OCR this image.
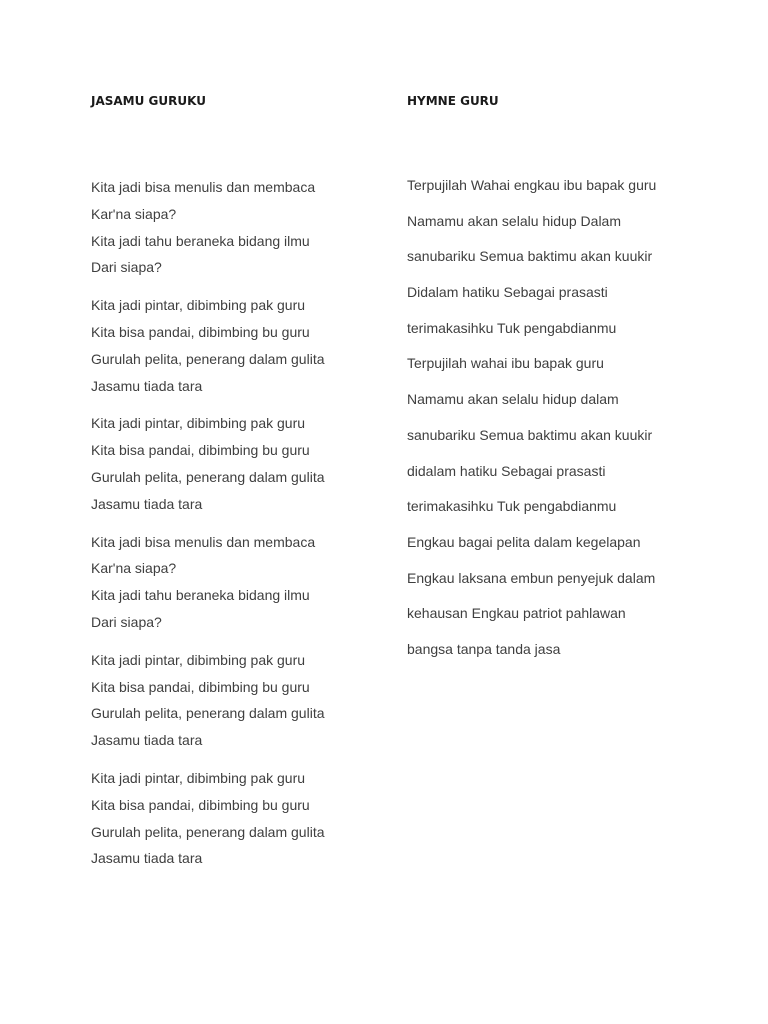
JASAMU GURUKU	HYMNE GURU
Kita jadi bisa menulis dan membaca
Kar'na siapa?
Kita jadi tahu beraneka bidang ilmu
Dari siapa?
Kita jadi pintar, dibimbing pak guru
Kita bisa pandai, dibimbing bu guru
Gurulah pelita, penerang dalam gulita
Jasamu tiada tara
Kita jadi pintar, dibimbing pak guru
Kita bisa pandai, dibimbing bu guru
Gurulah pelita, penerang dalam gulita
Jasamu tiada tara
Kita jadi bisa menulis dan membaca
Kar'na siapa?
Kita jadi tahu beraneka bidang ilmu
Dari siapa?
Kita jadi pintar, dibimbing pak guru
Kita bisa pandai, dibimbing bu guru
Gurulah pelita, penerang dalam gulita
Jasamu tiada tara
Kita jadi pintar, dibimbing pak guru
Kita bisa pandai, dibimbing bu guru
Gurulah pelita, penerang dalam gulita
Jasamu tiada tara
Terpujilah Wahai engkau ibu bapak guru
Namamu akan selalu hidup Dalam
sanubariku Semua baktimu akan kuukir
Didalam hatiku Sebagai prasasti
terimakasihku Tuk pengabdianmu
Terpujilah wahai ibu bapak guru
Namamu akan selalu hidup dalam
sanubariku Semua baktimu akan kuukir
didalam hatiku Sebagai prasasti
terimakasihku Tuk pengabdianmu
Engkau bagai pelita dalam kegelapan
Engkau laksana embun penyejuk dalam
kehausan Engkau patriot pahlawan
bangsa tanpa tanda jasa
